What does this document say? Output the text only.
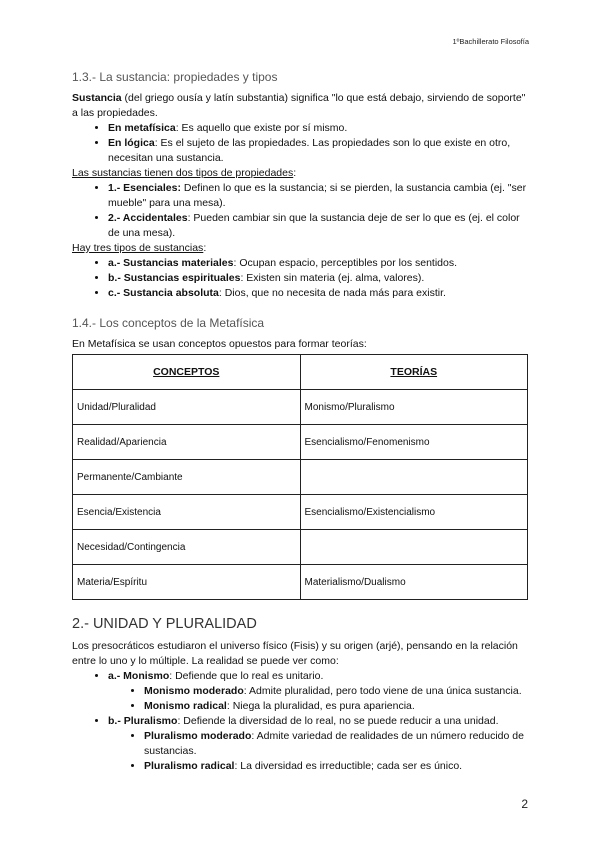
1ºBachillerato Filosofía
1.3.- La sustancia: propiedades y tipos

Sustancia (del griego ousía y latín substantia) significa "lo que está debajo, sirviendo de soporte" a las propiedades.

• En metafísica: Es aquello que existe por sí mismo.
• En lógica: Es el sujeto de las propiedades. Las propiedades son lo que existe en otro, necesitan una sustancia.

Las sustancias tienen dos tipos de propiedades:

• 1.- Esenciales: Definen lo que es la sustancia; si se pierden, la sustancia cambia (ej. "ser mueble" para una mesa).
• 2.- Accidentales: Pueden cambiar sin que la sustancia deje de ser lo que es (ej. el color de una mesa).

Hay tres tipos de sustancias:

• a.- Sustancias materiales: Ocupan espacio, perceptibles por los sentidos.
• b.- Sustancias espirituales: Existen sin materia (ej. alma, valores).
• c.- Sustancia absoluta: Dios, que no necesita de nada más para existir.
1.4.- Los conceptos de la Metafísica

En Metafísica se usan conceptos opuestos para formar teorías:

CONCEPTOS	TEORÍAS
Unidad/Pluralidad	Monismo/Pluralismo
Realidad/Apariencia	Esencialismo/Fenomenismo
Permanente/Cambiante	
Esencia/Existencia	Esencialismo/Existencialismo
Necesidad/Contingencia	
Materia/Espíritu	Materialismo/Dualismo
2.- UNIDAD Y PLURALIDAD

Los presocráticos estudiaron el universo físico (Fisis) y su origen (arjé), pensando en la relación entre lo uno y lo múltiple. La realidad se puede ver como:

• a.- Monismo: Defiende que lo real es unitario.
• Monismo moderado: Admite pluralidad, pero todo viene de una única sustancia.
• Monismo radical: Niega la pluralidad, es pura apariencia.
• b.- Pluralismo: Defiende la diversidad de lo real, no se puede reducir a una unidad.
• Pluralismo moderado: Admite variedad de realidades de un número reducido de sustancias.
• Pluralismo radical: La diversidad es irreductible; cada ser es único.
2
